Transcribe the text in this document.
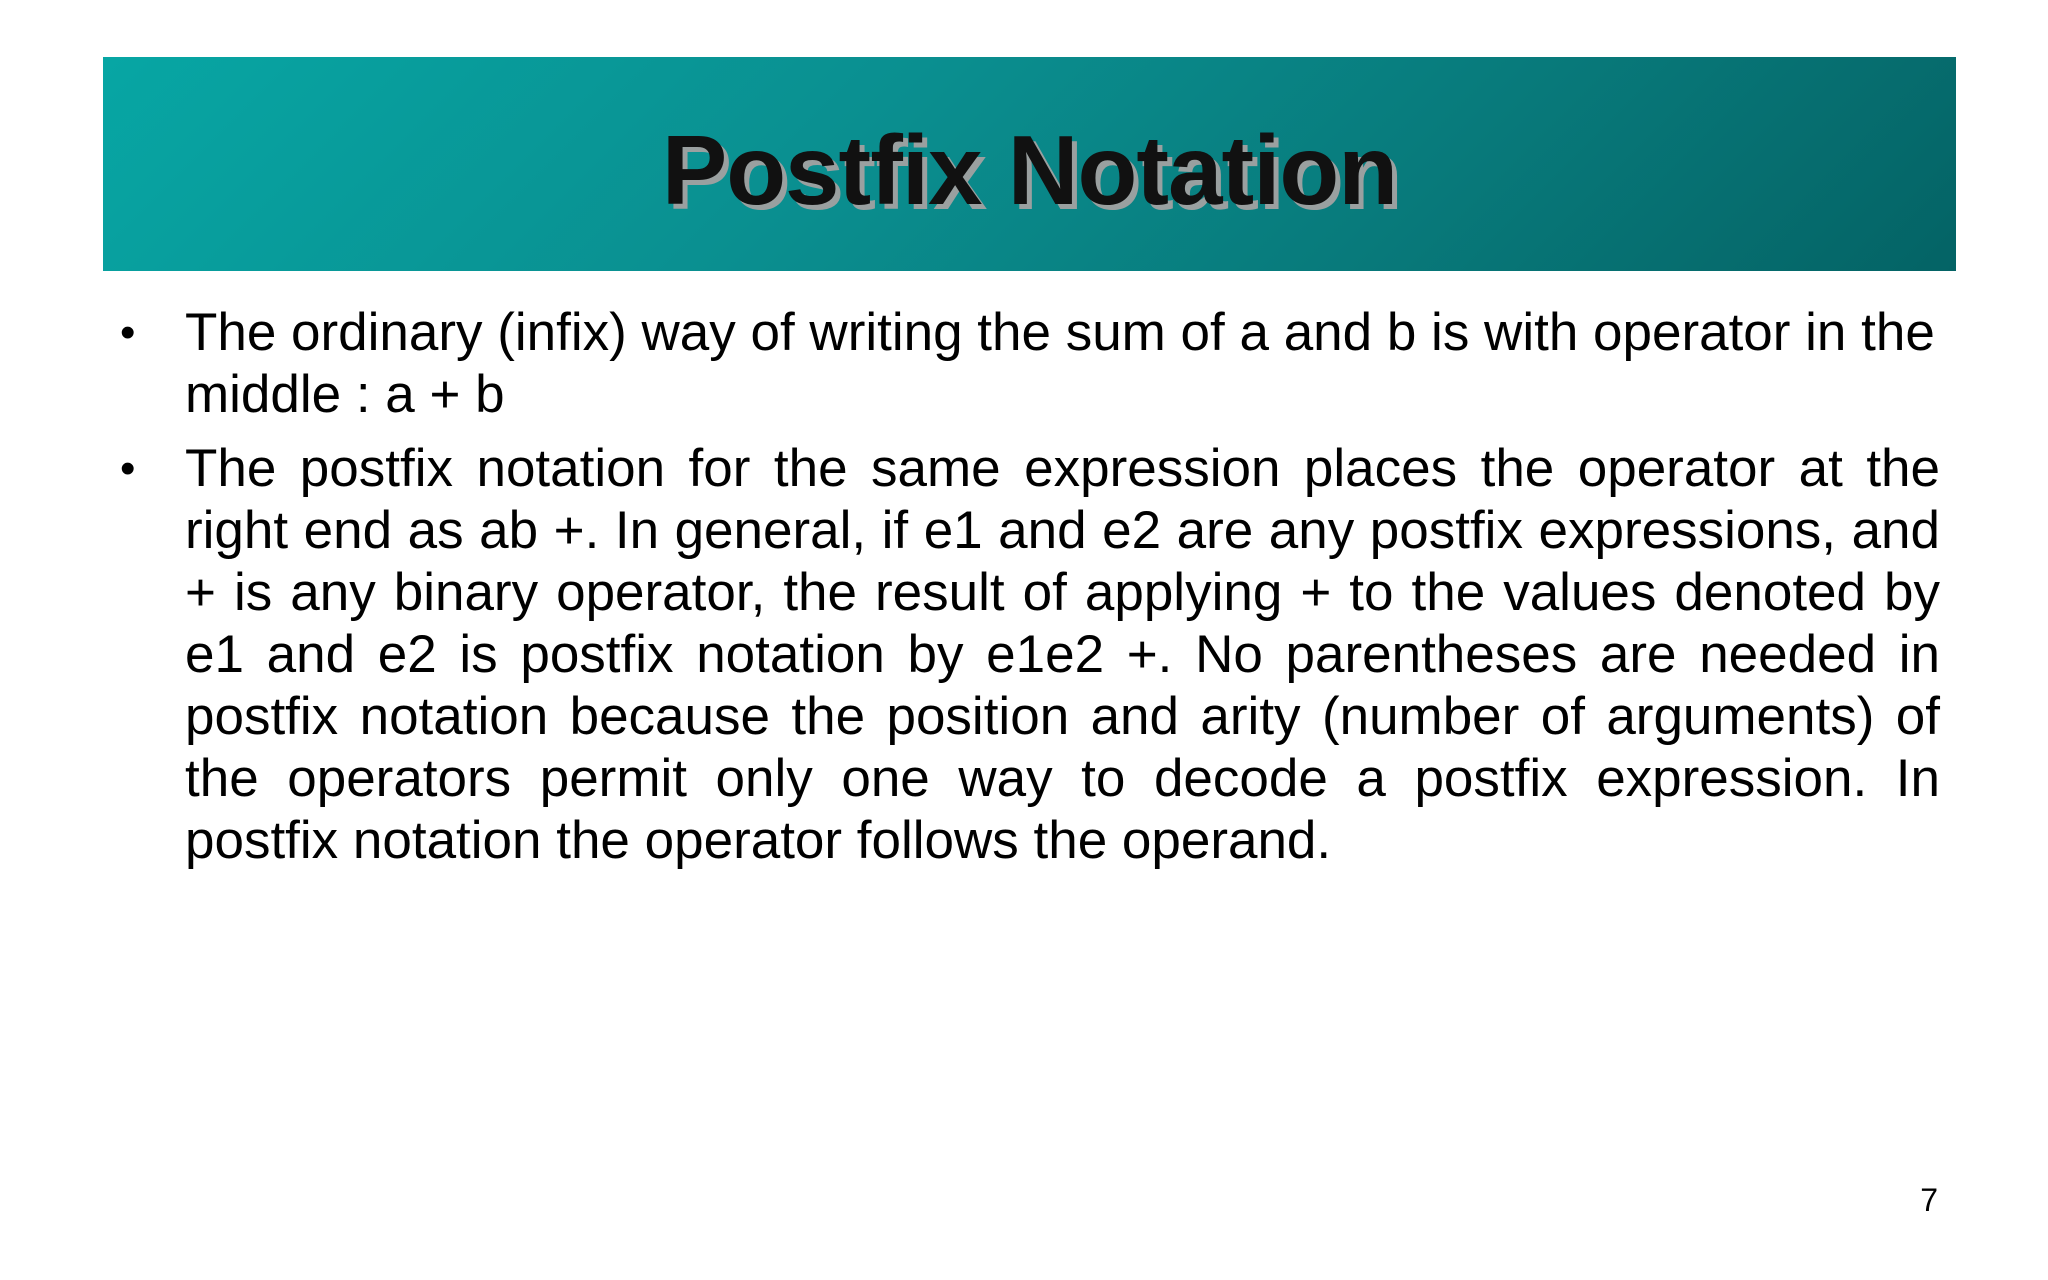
Postfix Notation
• The ordinary (infix) way of writing the sum of a and b is with operator in the middle : a + b
• The postfix notation for the same expression places the operator at the right end as ab +. In general, if e1 and e2 are any postfix expressions, and + is any binary operator, the result of applying + to the values denoted by e1 and e2 is postfix notation by e1e2 +. No parentheses are needed in postfix notation because the position and arity (number of arguments) of the operators permit only one way to decode a postfix expression. In postfix notation the operator follows the operand.
7
